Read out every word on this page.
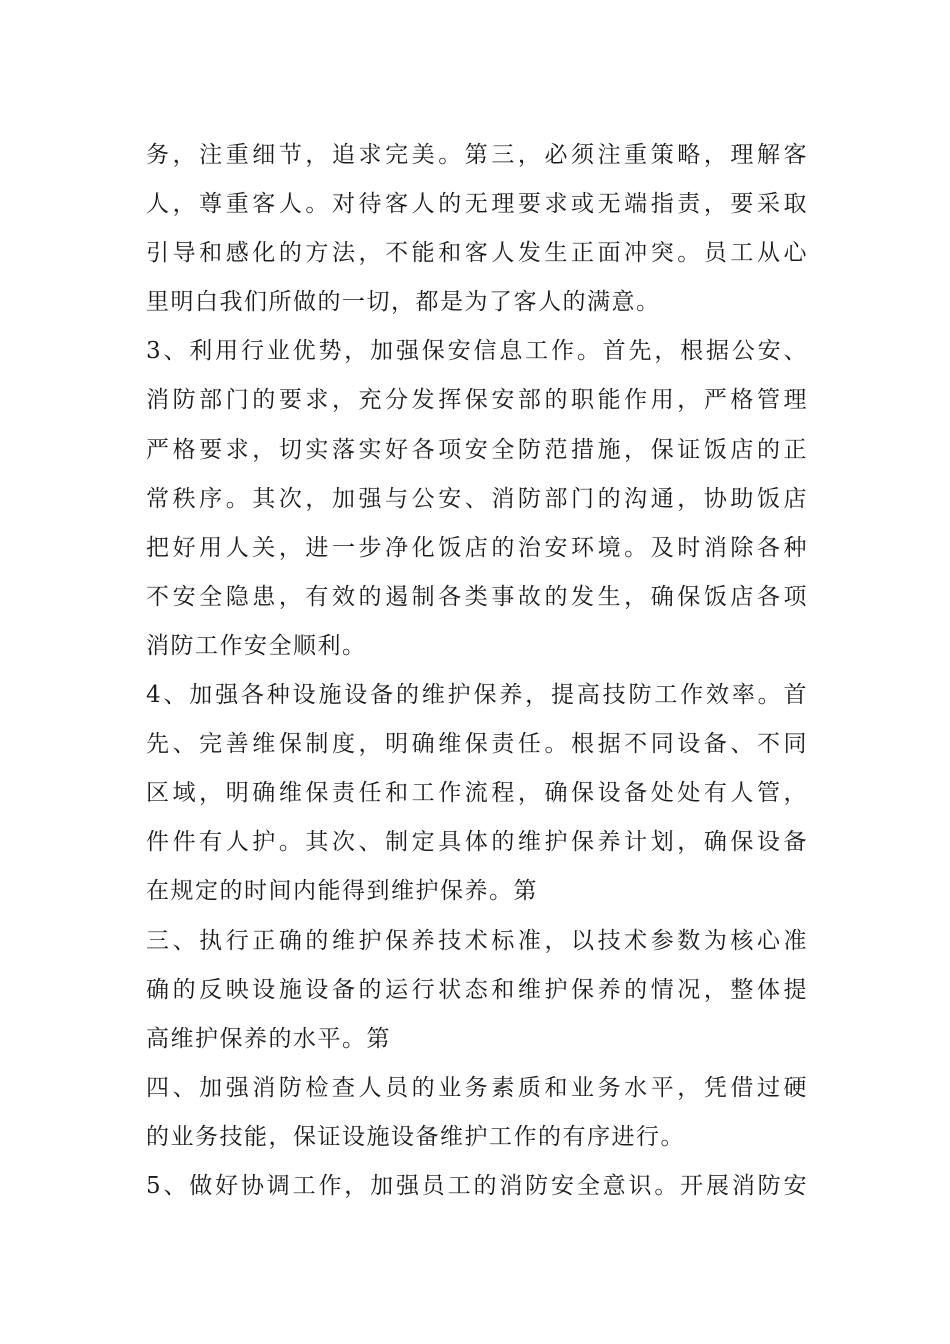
务，注重细节，追求完美。第三，必须注重策略，理解客
人，尊重客人。对待客人的无理要求或无端指责，要采取
引导和感化的方法，不能和客人发生正面冲突。员工从心
里明白我们所做的一切，都是为了客人的满意。
3、利用行业优势，加强保安信息工作。首先，根据公安、
消防部门的要求，充分发挥保安部的职能作用，严格管理
严格要求，切实落实好各项安全防范措施，保证饭店的正
常秩序。其次，加强与公安、消防部门的沟通，协助饭店
把好用人关，进一步净化饭店的治安环境。及时消除各种
不安全隐患，有效的遏制各类事故的发生，确保饭店各项
消防工作安全顺利。
4、加强各种设施设备的维护保养，提高技防工作效率。首
先、完善维保制度，明确维保责任。根据不同设备、不同
区域，明确维保责任和工作流程，确保设备处处有人管，
件件有人护。其次、制定具体的维护保养计划，确保设备
在规定的时间内能得到维护保养。第
三、执行正确的维护保养技术标准，以技术参数为核心准
确的反映设施设备的运行状态和维护保养的情况，整体提
高维护保养的水平。第
四、加强消防检查人员的业务素质和业务水平，凭借过硬
的业务技能，保证设施设备维护工作的有序进行。
5、做好协调工作，加强员工的消防安全意识。开展消防安
